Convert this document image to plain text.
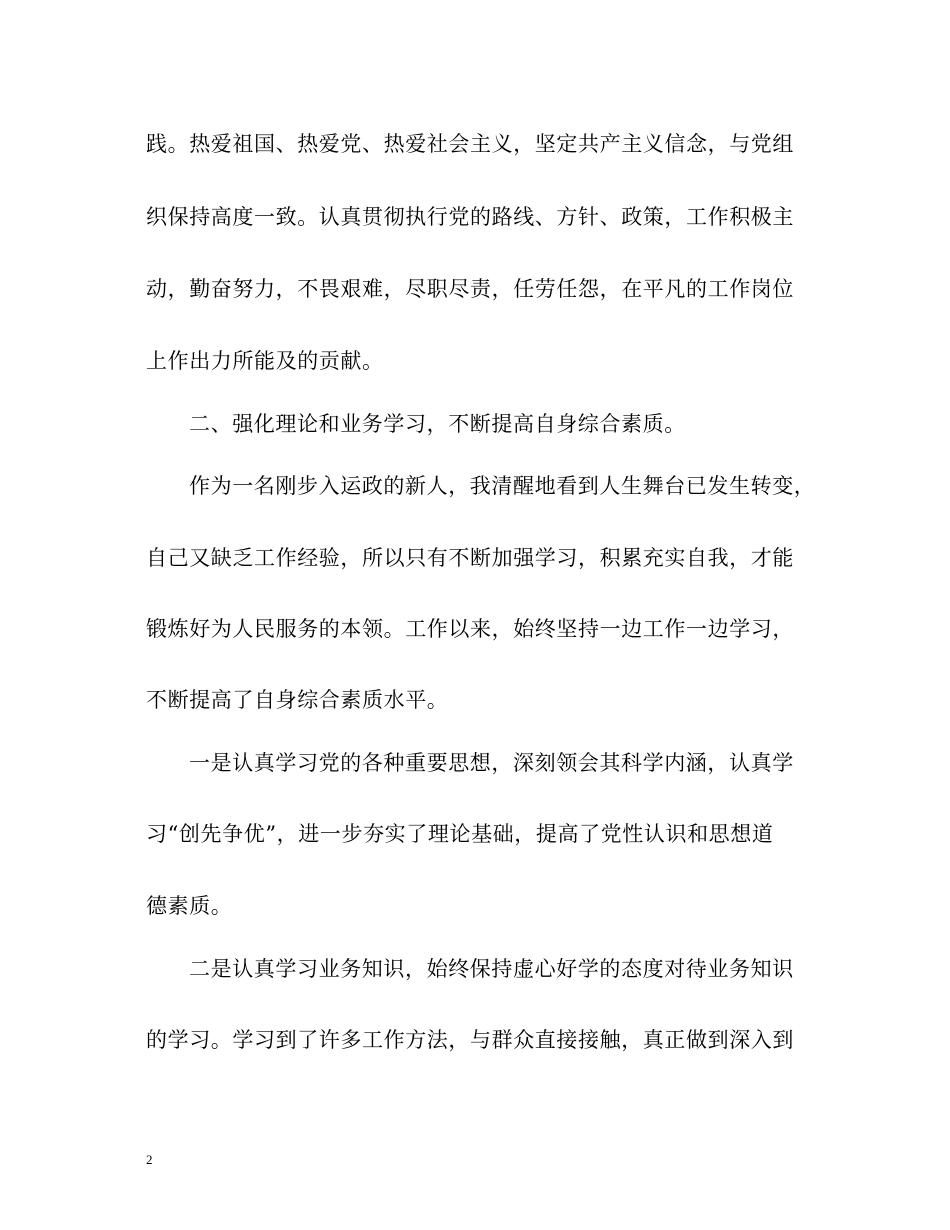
践。热爱祖国、热爱党、热爱社会主义，坚定共产主义信念，与党组
织保持高度一致。认真贯彻执行党的路线、方针、政策，工作积极主
动，勤奋努力，不畏艰难，尽职尽责，任劳任怨，在平凡的工作岗位
上作出力所能及的贡献。
二、强化理论和业务学习，不断提高自身综合素质。
作为一名刚步入运政的新人，我清醒地看到人生舞台已发生转变，
自己又缺乏工作经验，所以只有不断加强学习，积累充实自我，才能
锻炼好为人民服务的本领。工作以来，始终坚持一边工作一边学习，
不断提高了自身综合素质水平。
一是认真学习党的各种重要思想，深刻领会其科学内涵，认真学
习“创先争优”，进一步夯实了理论基础，提高了党性认识和思想道
德素质。
二是认真学习业务知识，始终保持虚心好学的态度对待业务知识
的学习。学习到了许多工作方法，与群众直接接触，真正做到深入到
2
